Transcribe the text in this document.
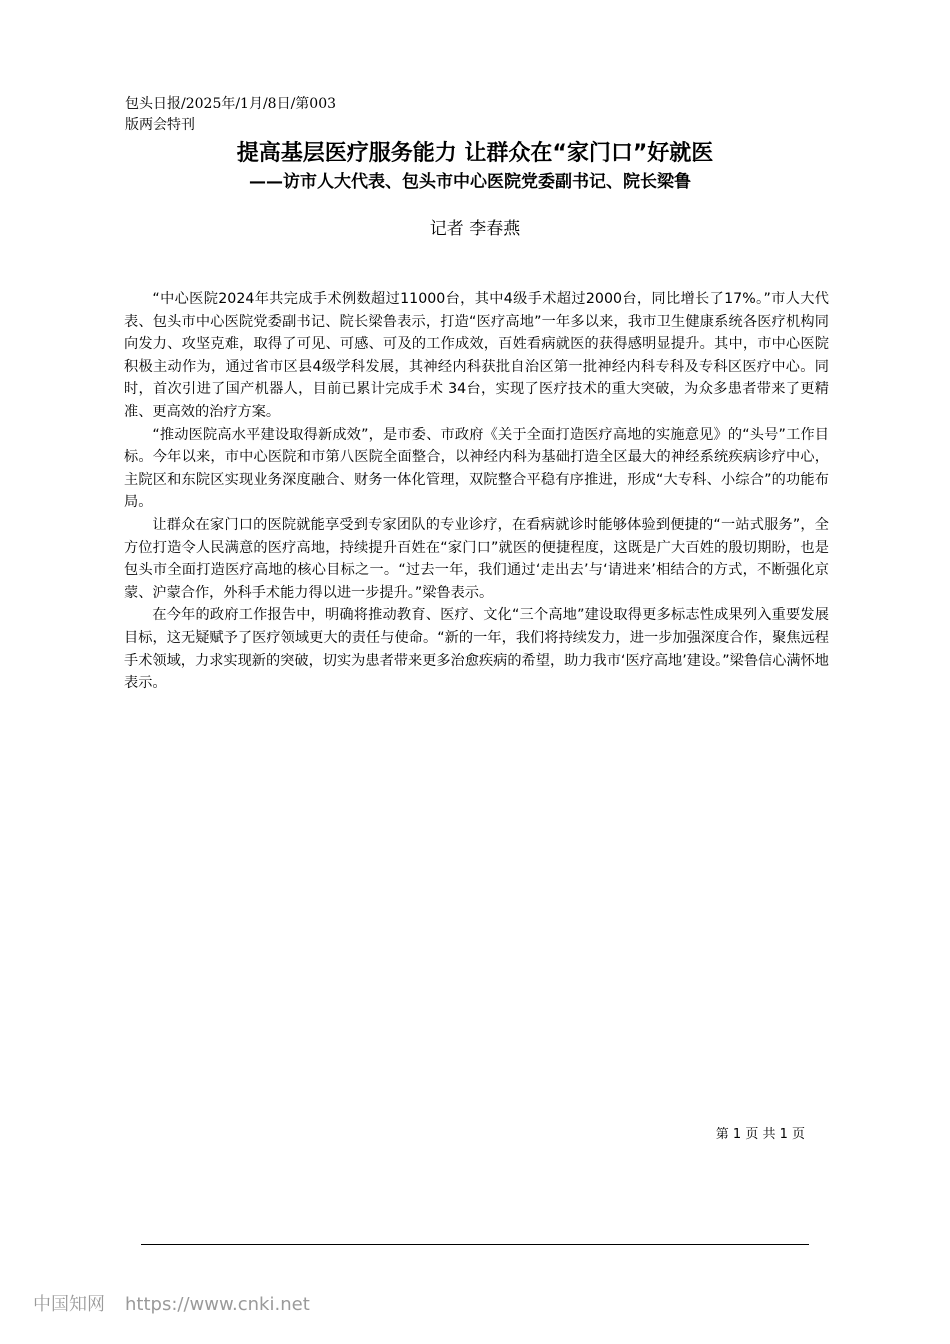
包头日报/2025年/1月/8日/第003
版两会特刊
提高基层医疗服务能力 让群众在“家门口”好就医
——访市人大代表、包头市中心医院党委副书记、院长梁鲁
记者 李春燕

“中心医院2024年共完成手术例数超过11000台，其中4级手术超过2000台，同比增长了17%。”市人大代表、包头市中心医院党委副书记、院长梁鲁表示，打造“医疗高地”一年多以来，我市卫生健康系统各医疗机构同向发力、攻坚克难，取得了可见、可感、可及的工作成效，百姓看病就医的获得感明显提升。其中，市中心医院积极主动作为，通过省市区县4级学科发展，其神经内科获批自治区第一批神经内科专科及专科区医疗中心。同时，首次引进了国产机器人，目前已累计完成手术 34台，实现了医疗技术的重大突破，为众多患者带来了更精准、更高效的治疗方案。

“推动医院高水平建设取得新成效”，是市委、市政府《关于全面打造医疗高地的实施意见》的“头号”工作目标。今年以来，市中心医院和市第八医院全面整合，以神经内科为基础打造全区最大的神经系统疾病诊疗中心，主院区和东院区实现业务深度融合、财务一体化管理，双院整合平稳有序推进，形成“大专科、小综合”的功能布局。

让群众在家门口的医院就能享受到专家团队的专业诊疗，在看病就诊时能够体验到便捷的“一站式服务”，全方位打造令人民满意的医疗高地，持续提升百姓在“家门口”就医的便捷程度，这既是广大百姓的殷切期盼，也是包头市全面打造医疗高地的核心目标之一。“过去一年，我们通过‘走出去’与‘请进来’相结合的方式，不断强化京蒙、沪蒙合作，外科手术能力得以进一步提升。”梁鲁表示。

在今年的政府工作报告中，明确将推动教育、医疗、文化“三个高地”建设取得更多标志性成果列入重要发展目标，这无疑赋予了医疗领域更大的责任与使命。“新的一年，我们将持续发力，进一步加强深度合作，聚焦远程手术领域，力求实现新的突破，切实为患者带来更多治愈疾病的希望，助力我市‘医疗高地’建设。”梁鲁信心满怀地表示。

第 1 页 共 1 页
中国知网 https://www.cnki.net
